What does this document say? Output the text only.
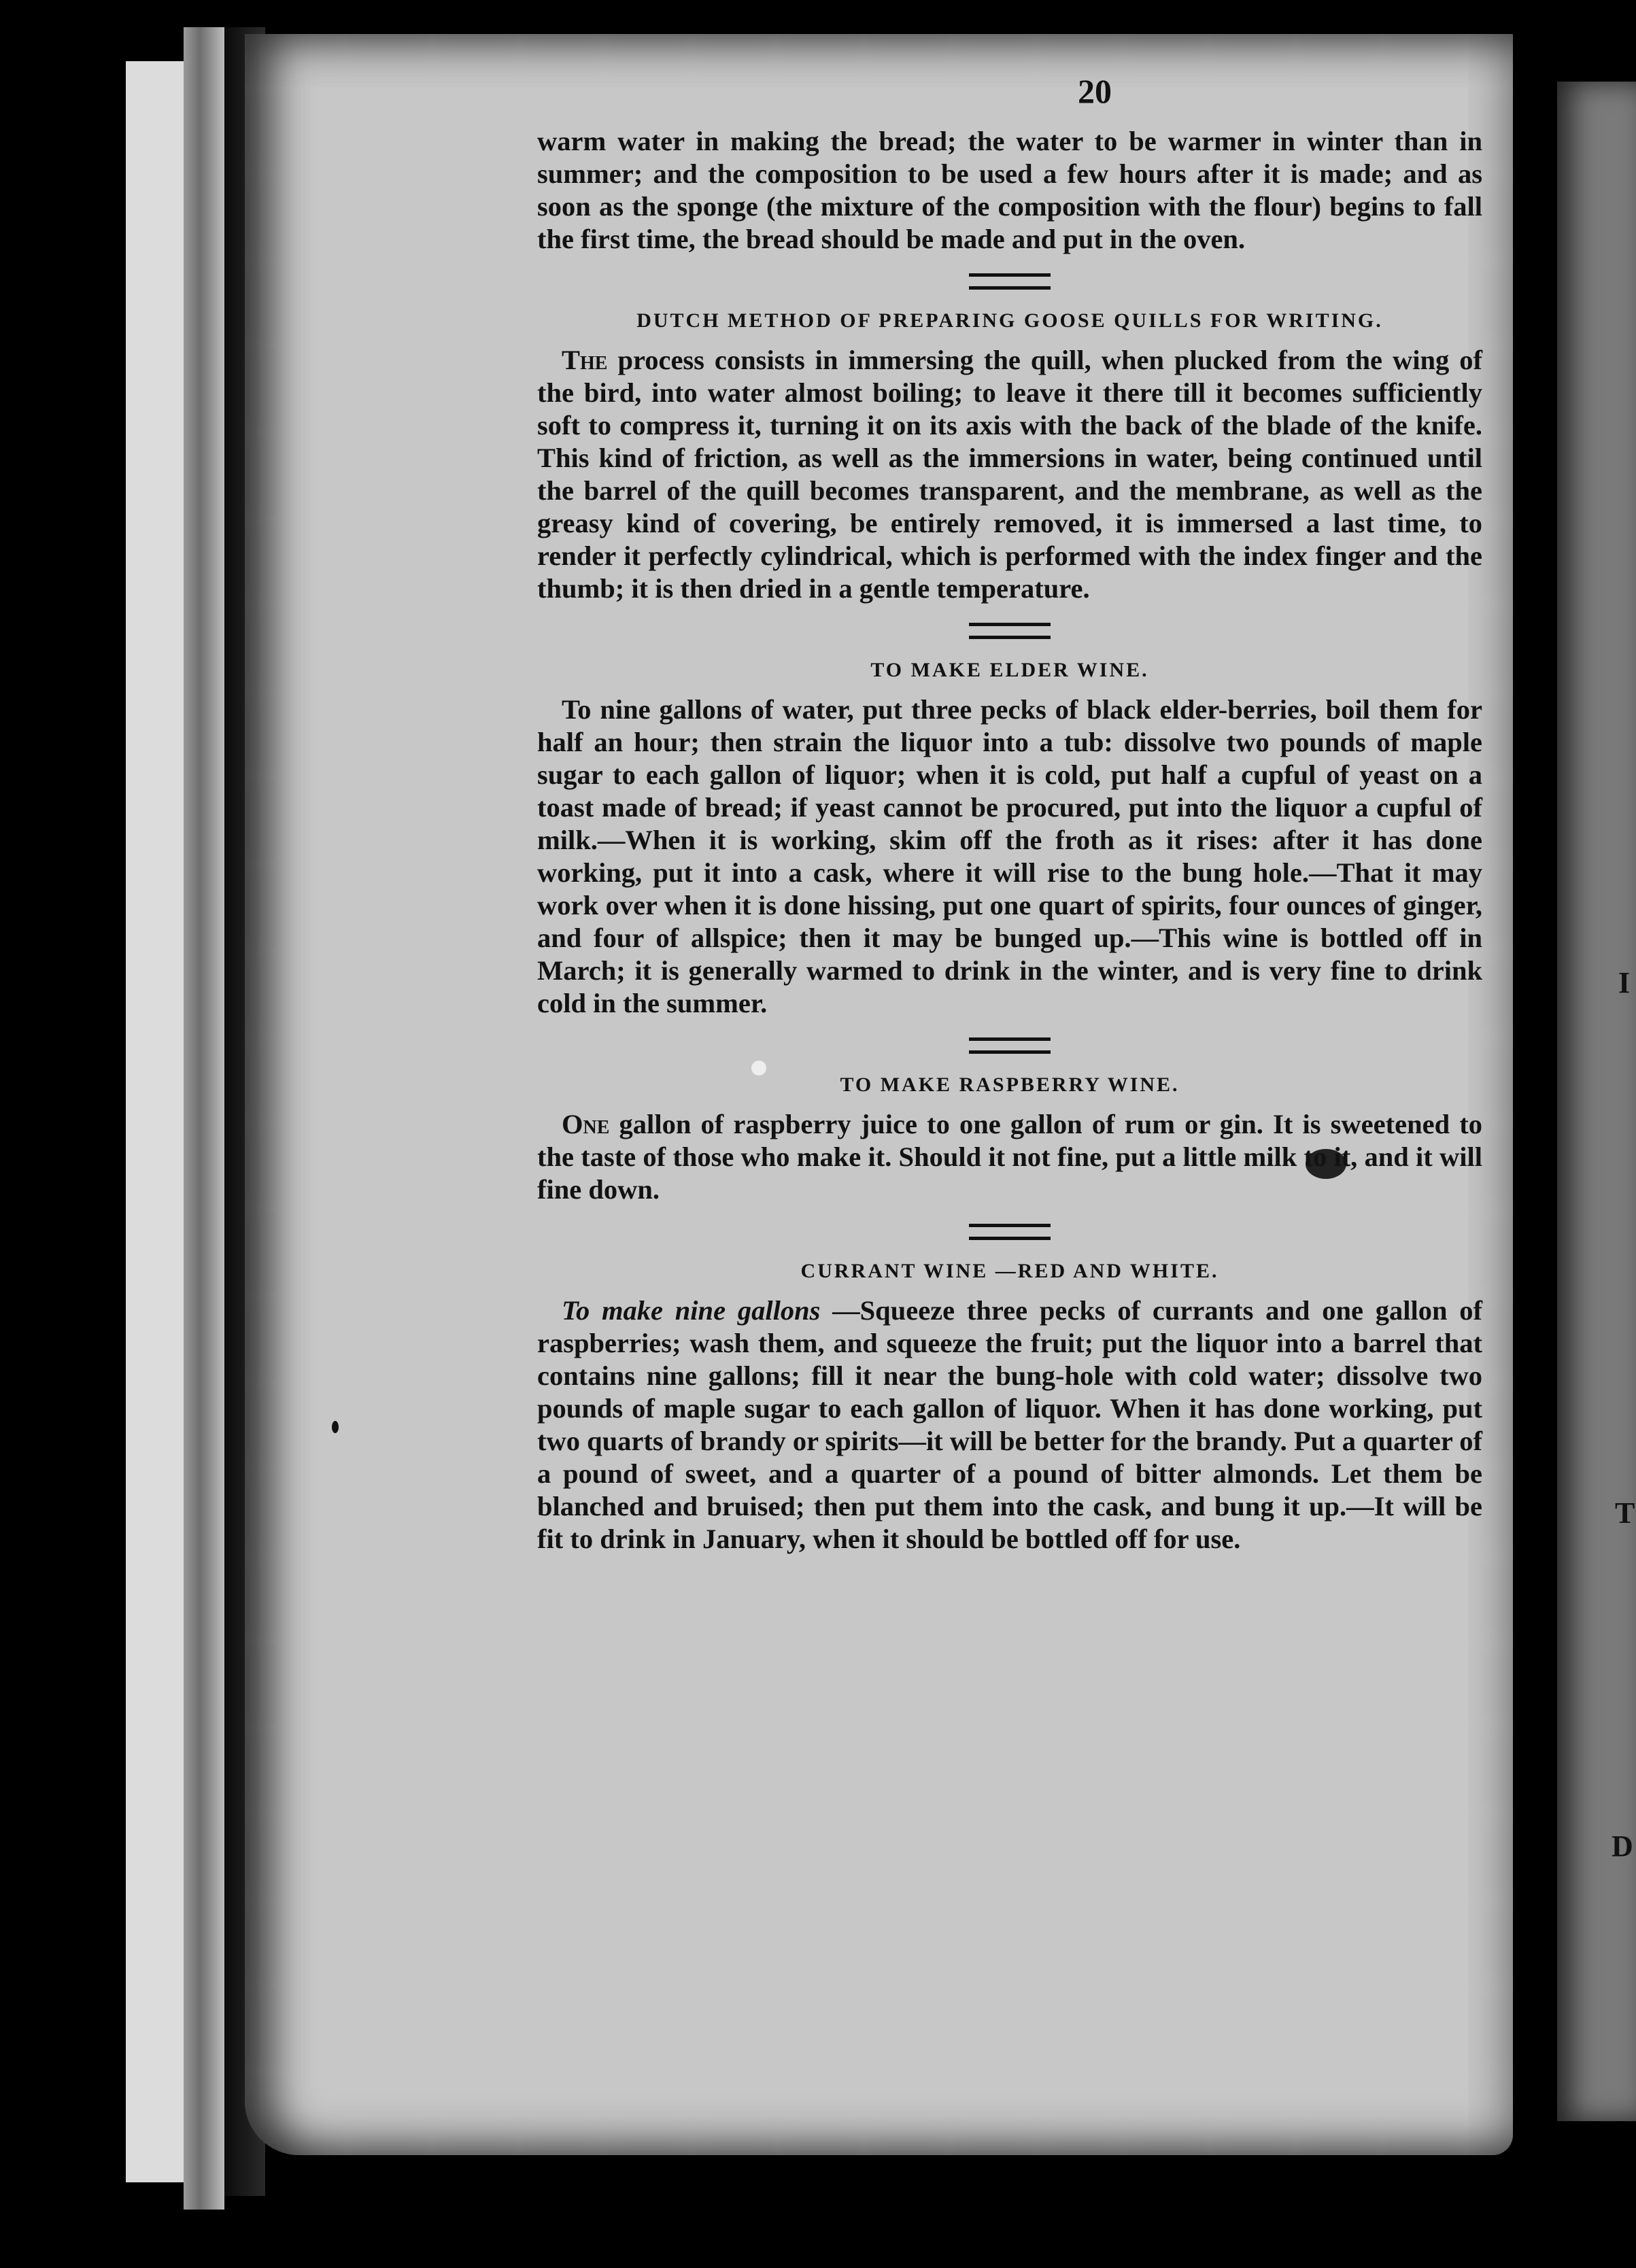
I
T
D
20

warm water in making the bread; the water to be warmer in winter than in summer; and the composition to be used a few hours after it is made; and as soon as the sponge (the mixture of the composition with the flour) begins to fall the first time, the bread should be made and put in the oven.

DUTCH METHOD OF PREPARING GOOSE QUILLS FOR WRITING.

The process consists in immersing the quill, when plucked from the wing of the bird, into water almost boiling; to leave it there till it becomes sufficiently soft to compress it, turning it on its axis with the back of the blade of the knife. This kind of friction, as well as the immersions in water, being continued until the barrel of the quill becomes transparent, and the membrane, as well as the greasy kind of covering, be entirely removed, it is immersed a last time, to render it perfectly cylindrical, which is performed with the index finger and the thumb; it is then dried in a gentle temperature.

TO MAKE ELDER WINE.

To nine gallons of water, put three pecks of black elder-berries, boil them for half an hour; then strain the liquor into a tub: dissolve two pounds of maple sugar to each gallon of liquor; when it is cold, put half a cupful of yeast on a toast made of bread; if yeast cannot be procured, put into the liquor a cupful of milk.—When it is working, skim off the froth as it rises: after it has done working, put it into a cask, where it will rise to the bung hole.—That it may work over when it is done hissing, put one quart of spirits, four ounces of ginger, and four of allspice; then it may be bunged up.—This wine is bottled off in March; it is generally warmed to drink in the winter, and is very fine to drink cold in the summer.

TO MAKE RASPBERRY WINE.

One gallon of raspberry juice to one gallon of rum or gin. It is sweetened to the taste of those who make it. Should it not fine, put a little milk to it, and it will fine down.

CURRANT WINE —RED AND WHITE.

To make nine gallons —Squeeze three pecks of currants and one gallon of raspberries; wash them, and squeeze the fruit; put the liquor into a barrel that contains nine gallons; fill it near the bung-hole with cold water; dissolve two pounds of maple sugar to each gallon of liquor. When it has done working, put two quarts of brandy or spirits—it will be better for the brandy. Put a quarter of a pound of sweet, and a quarter of a pound of bitter almonds. Let them be blanched and bruised; then put them into the cask, and bung it up.—It will be fit to drink in January, when it should be bottled off for use.
